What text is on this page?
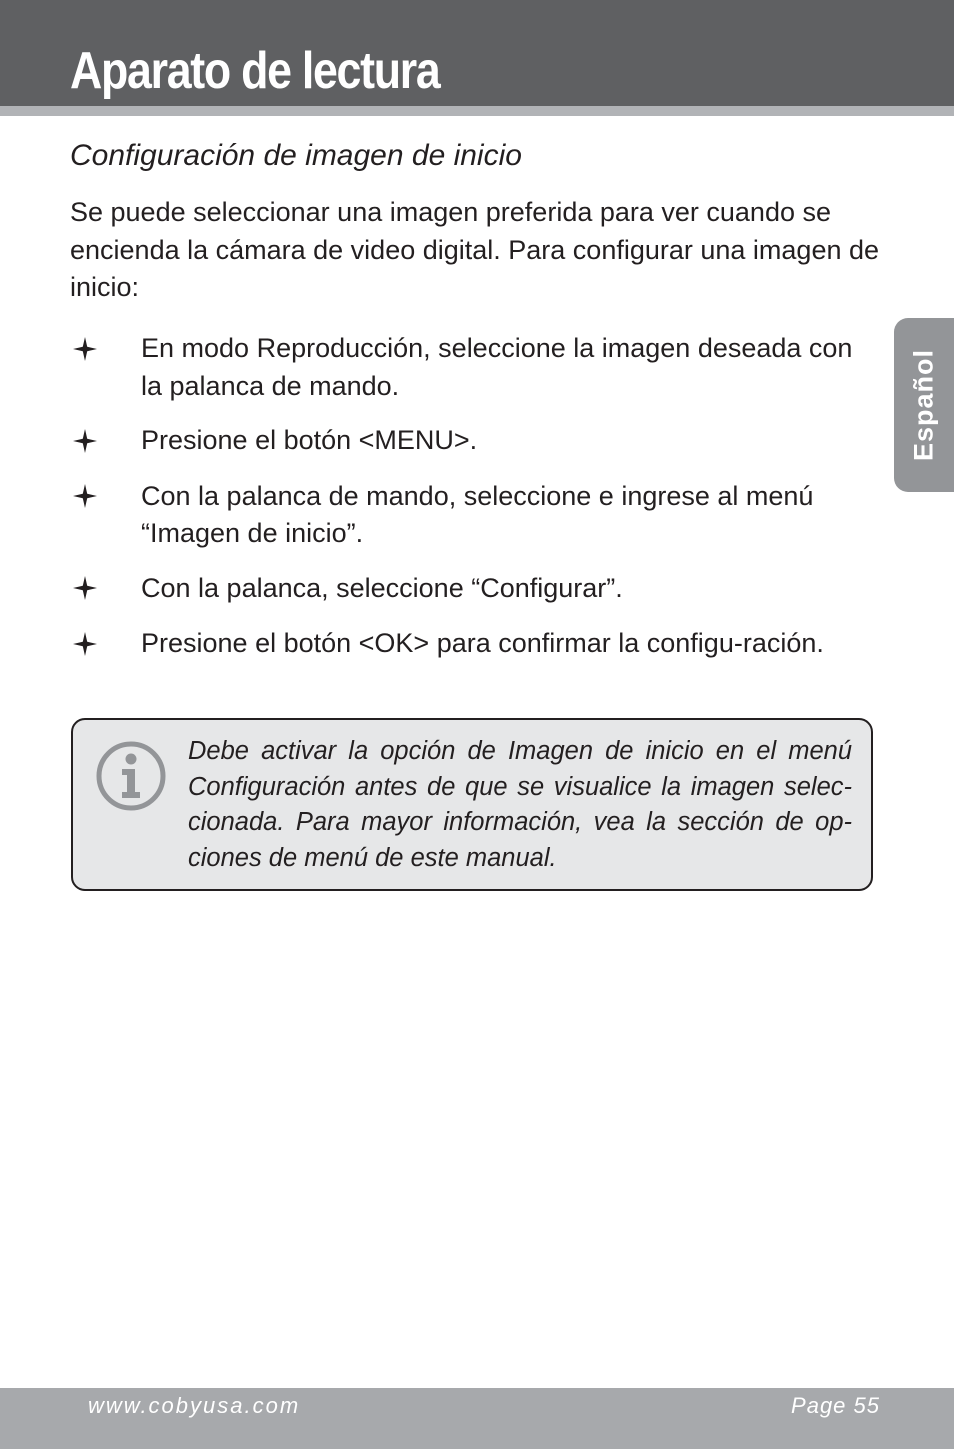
Aparato de lectura
Español
Configuración de imagen de inicio

Se puede seleccionar una imagen preferida para ver cuando se encienda la cámara de video digital. Para configurar una imagen de inicio:

En modo Reproducción, seleccione la imagen deseada con la palanca de mando.
Presione el botón <MENU>.
Con la palanca de mando, seleccione e ingrese al menú “Imagen de inicio”.
Con la palanca, seleccione “Configurar”.
Presione el botón <OK> para confirmar la configu-ración.

Debe activar la opción de Imagen de inicio en el menú Configuración antes de que se visualice la imagen selec-cionada. Para mayor información, vea la sección de op-ciones de menú de este manual.

www.cobyusa.com	Page 55
